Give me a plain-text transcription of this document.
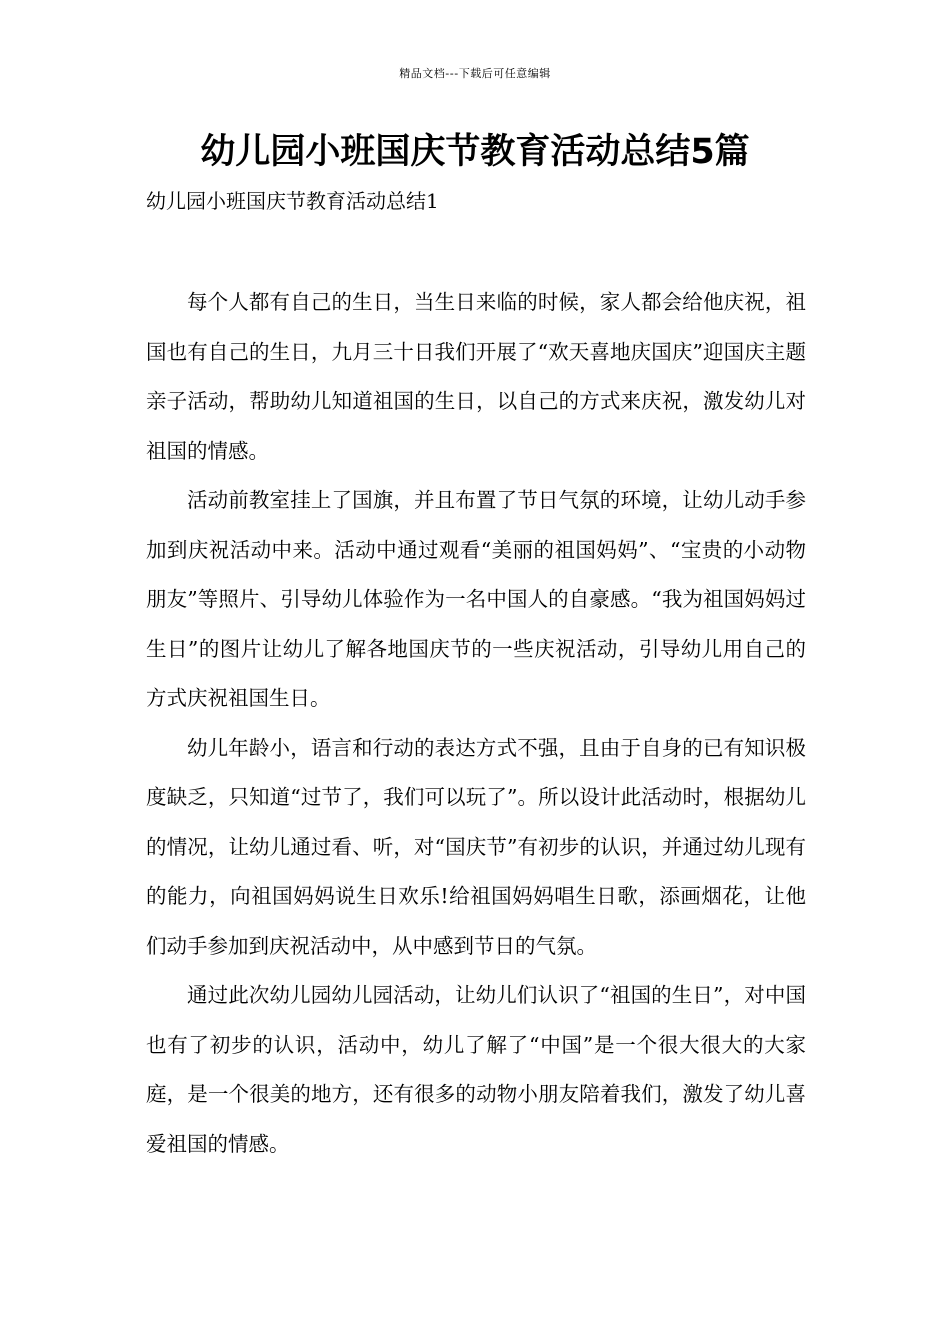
精品文档---下载后可任意编辑
幼儿园小班国庆节教育活动总结5篇

幼儿园小班国庆节教育活动总结1

每个人都有自己的生日，当生日来临的时候，家人都会给他庆祝，祖国也有自己的生日，九月三十日我们开展了“欢天喜地庆国庆”迎国庆主题亲子活动，帮助幼儿知道祖国的生日，以自己的方式来庆祝，激发幼儿对祖国的情感。

活动前教室挂上了国旗，并且布置了节日气氛的环境，让幼儿动手参加到庆祝活动中来。活动中通过观看“美丽的祖国妈妈”、“宝贵的小动物朋友”等照片、引导幼儿体验作为一名中国人的自豪感。“我为祖国妈妈过生日”的图片让幼儿了解各地国庆节的一些庆祝活动，引导幼儿用自己的方式庆祝祖国生日。

幼儿年龄小，语言和行动的表达方式不强，且由于自身的已有知识极度缺乏，只知道“过节了，我们可以玩了”。所以设计此活动时，根据幼儿的情况，让幼儿通过看、听，对“国庆节”有初步的认识，并通过幼儿现有的能力，向祖国妈妈说生日欢乐!给祖国妈妈唱生日歌，添画烟花，让他们动手参加到庆祝活动中，从中感到节日的气氛。

通过此次幼儿园幼儿园活动，让幼儿们认识了“祖国的生日”，对中国也有了初步的认识，活动中，幼儿了解了“中国”是一个很大很大的大家庭，是一个很美的地方，还有很多的动物小朋友陪着我们，激发了幼儿喜爱祖国的情感。
